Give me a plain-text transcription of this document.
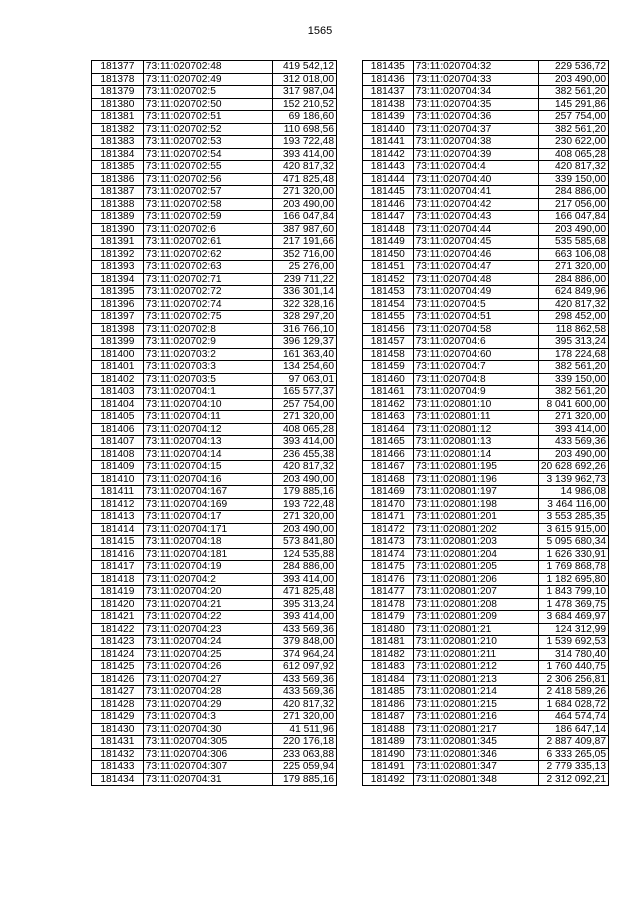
1565
181377	73:11:020702:48	419 542,12
181378	73:11:020702:49	312 018,00
181379	73:11:020702:5	317 987,04
181380	73:11:020702:50	152 210,52
181381	73:11:020702:51	69 186,60
181382	73:11:020702:52	110 698,56
181383	73:11:020702:53	193 722,48
181384	73:11:020702:54	393 414,00
181385	73:11:020702:55	420 817,32
181386	73:11:020702:56	471 825,48
181387	73:11:020702:57	271 320,00
181388	73:11:020702:58	203 490,00
181389	73:11:020702:59	166 047,84
181390	73:11:020702:6	387 987,60
181391	73:11:020702:61	217 191,66
181392	73:11:020702:62	352 716,00
181393	73:11:020702:63	25 276,00
181394	73:11:020702:71	239 711,22
181395	73:11:020702:72	336 301,14
181396	73:11:020702:74	322 328,16
181397	73:11:020702:75	328 297,20
181398	73:11:020702:8	316 766,10
181399	73:11:020702:9	396 129,37
181400	73:11:020703:2	161 363,40
181401	73:11:020703:3	134 254,60
181402	73:11:020703:5	97 063,01
181403	73:11:020704:1	165 577,37
181404	73:11:020704:10	257 754,00
181405	73:11:020704:11	271 320,00
181406	73:11:020704:12	408 065,28
181407	73:11:020704:13	393 414,00
181408	73:11:020704:14	236 455,38
181409	73:11:020704:15	420 817,32
181410	73:11:020704:16	203 490,00
181411	73:11:020704:167	179 885,16
181412	73:11:020704:169	193 722,48
181413	73:11:020704:17	271 320,00
181414	73:11:020704:171	203 490,00
181415	73:11:020704:18	573 841,80
181416	73:11:020704:181	124 535,88
181417	73:11:020704:19	284 886,00
181418	73:11:020704:2	393 414,00
181419	73:11:020704:20	471 825,48
181420	73:11:020704:21	395 313,24
181421	73:11:020704:22	393 414,00
181422	73:11:020704:23	433 569,36
181423	73:11:020704:24	379 848,00
181424	73:11:020704:25	374 964,24
181425	73:11:020704:26	612 097,92
181426	73:11:020704:27	433 569,36
181427	73:11:020704:28	433 569,36
181428	73:11:020704:29	420 817,32
181429	73:11:020704:3	271 320,00
181430	73:11:020704:30	41 511,96
181431	73:11:020704:305	220 176,18
181432	73:11:020704:306	233 063,88
181433	73:11:020704:307	225 059,94
181434	73:11:020704:31	179 885,16
181435	73:11:020704:32	229 536,72
181436	73:11:020704:33	203 490,00
181437	73:11:020704:34	382 561,20
181438	73:11:020704:35	145 291,86
181439	73:11:020704:36	257 754,00
181440	73:11:020704:37	382 561,20
181441	73:11:020704:38	230 622,00
181442	73:11:020704:39	408 065,28
181443	73:11:020704:4	420 817,32
181444	73:11:020704:40	339 150,00
181445	73:11:020704:41	284 886,00
181446	73:11:020704:42	217 056,00
181447	73:11:020704:43	166 047,84
181448	73:11:020704:44	203 490,00
181449	73:11:020704:45	535 585,68
181450	73:11:020704:46	663 106,08
181451	73:11:020704:47	271 320,00
181452	73:11:020704:48	284 886,00
181453	73:11:020704:49	624 849,96
181454	73:11:020704:5	420 817,32
181455	73:11:020704:51	298 452,00
181456	73:11:020704:58	118 862,58
181457	73:11:020704:6	395 313,24
181458	73:11:020704:60	178 224,68
181459	73:11:020704:7	382 561,20
181460	73:11:020704:8	339 150,00
181461	73:11:020704:9	382 561,20
181462	73:11:020801:10	8 041 600,00
181463	73:11:020801:11	271 320,00
181464	73:11:020801:12	393 414,00
181465	73:11:020801:13	433 569,36
181466	73:11:020801:14	203 490,00
181467	73:11:020801:195	20 628 692,26
181468	73:11:020801:196	3 139 962,73
181469	73:11:020801:197	14 986,08
181470	73:11:020801:198	3 464 116,00
181471	73:11:020801:201	3 553 285,35
181472	73:11:020801:202	3 615 915,00
181473	73:11:020801:203	5 095 680,34
181474	73:11:020801:204	1 626 330,91
181475	73:11:020801:205	1 769 868,78
181476	73:11:020801:206	1 182 695,80
181477	73:11:020801:207	1 843 799,10
181478	73:11:020801:208	1 478 369,75
181479	73:11:020801:209	3 684 469,97
181480	73:11:020801:21	124 312,99
181481	73:11:020801:210	1 539 692,53
181482	73:11:020801:211	314 780,40
181483	73:11:020801:212	1 760 440,75
181484	73:11:020801:213	2 306 256,81
181485	73:11:020801:214	2 418 589,26
181486	73:11:020801:215	1 684 028,72
181487	73:11:020801:216	464 574,74
181488	73:11:020801:217	186 647,14
181489	73:11:020801:345	2 887 409,87
181490	73:11:020801:346	6 333 265,05
181491	73:11:020801:347	2 779 335,13
181492	73:11:020801:348	2 312 092,21
